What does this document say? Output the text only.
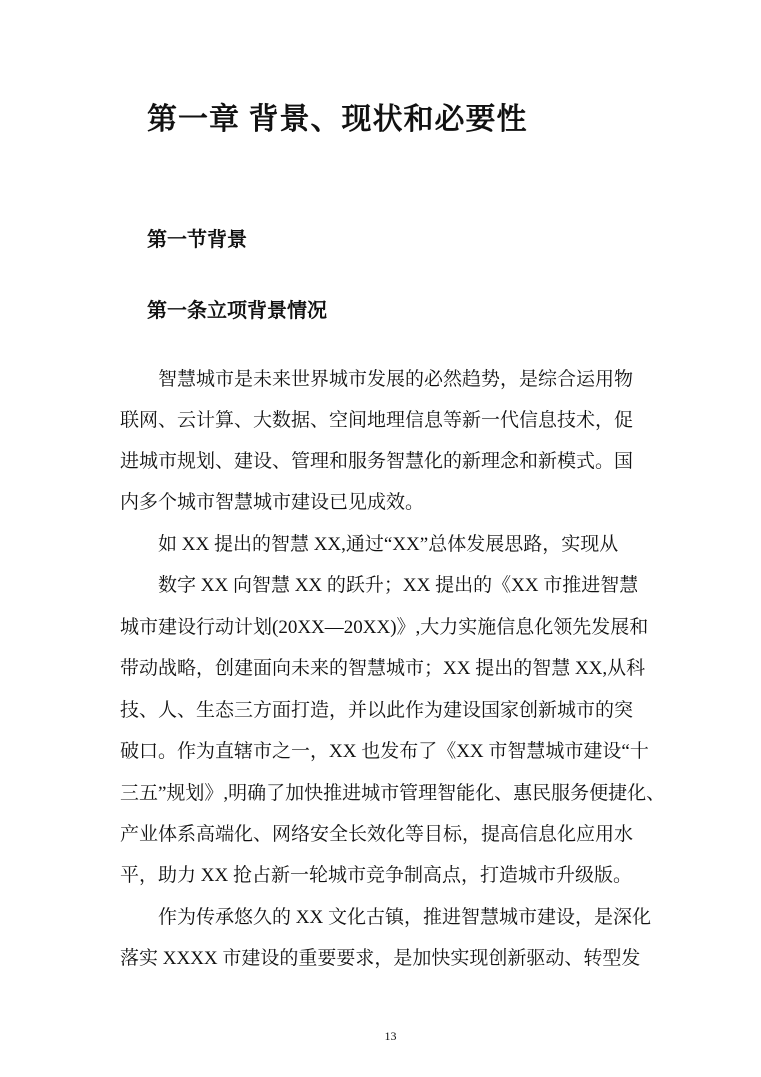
第一章 背景、现状和必要性
第一节背景
第一条立项背景情况
智慧城市是未来世界城市发展的必然趋势，是综合运用物
联网、云计算、大数据、空间地理信息等新一代信息技术，促
进城市规划、建设、管理和服务智慧化的新理念和新模式。国
内多个城市智慧城市建设已见成效。
如 XX 提出的智慧 XX,通过“XX”总体发展思路，实现从
数字 XX 向智慧 XX 的跃升；XX 提出的《XX 市推进智慧
城市建设行动计划(20XX—20XX)》,大力实施信息化领先发展和
带动战略，创建面向未来的智慧城市；XX 提出的智慧 XX,从科
技、人、生态三方面打造，并以此作为建设国家创新城市的突
破口。作为直辖市之一，XX 也发布了《XX 市智慧城市建设“十
三五”规划》,明确了加快推进城市管理智能化、惠民服务便捷化、
产业体系高端化、网络安全长效化等目标，提高信息化应用水
平，助力 XX 抢占新一轮城市竞争制高点，打造城市升级版。
作为传承悠久的 XX 文化古镇，推进智慧城市建设，是深化
落实 XXXX 市建设的重要要求，是加快实现创新驱动、转型发
13
